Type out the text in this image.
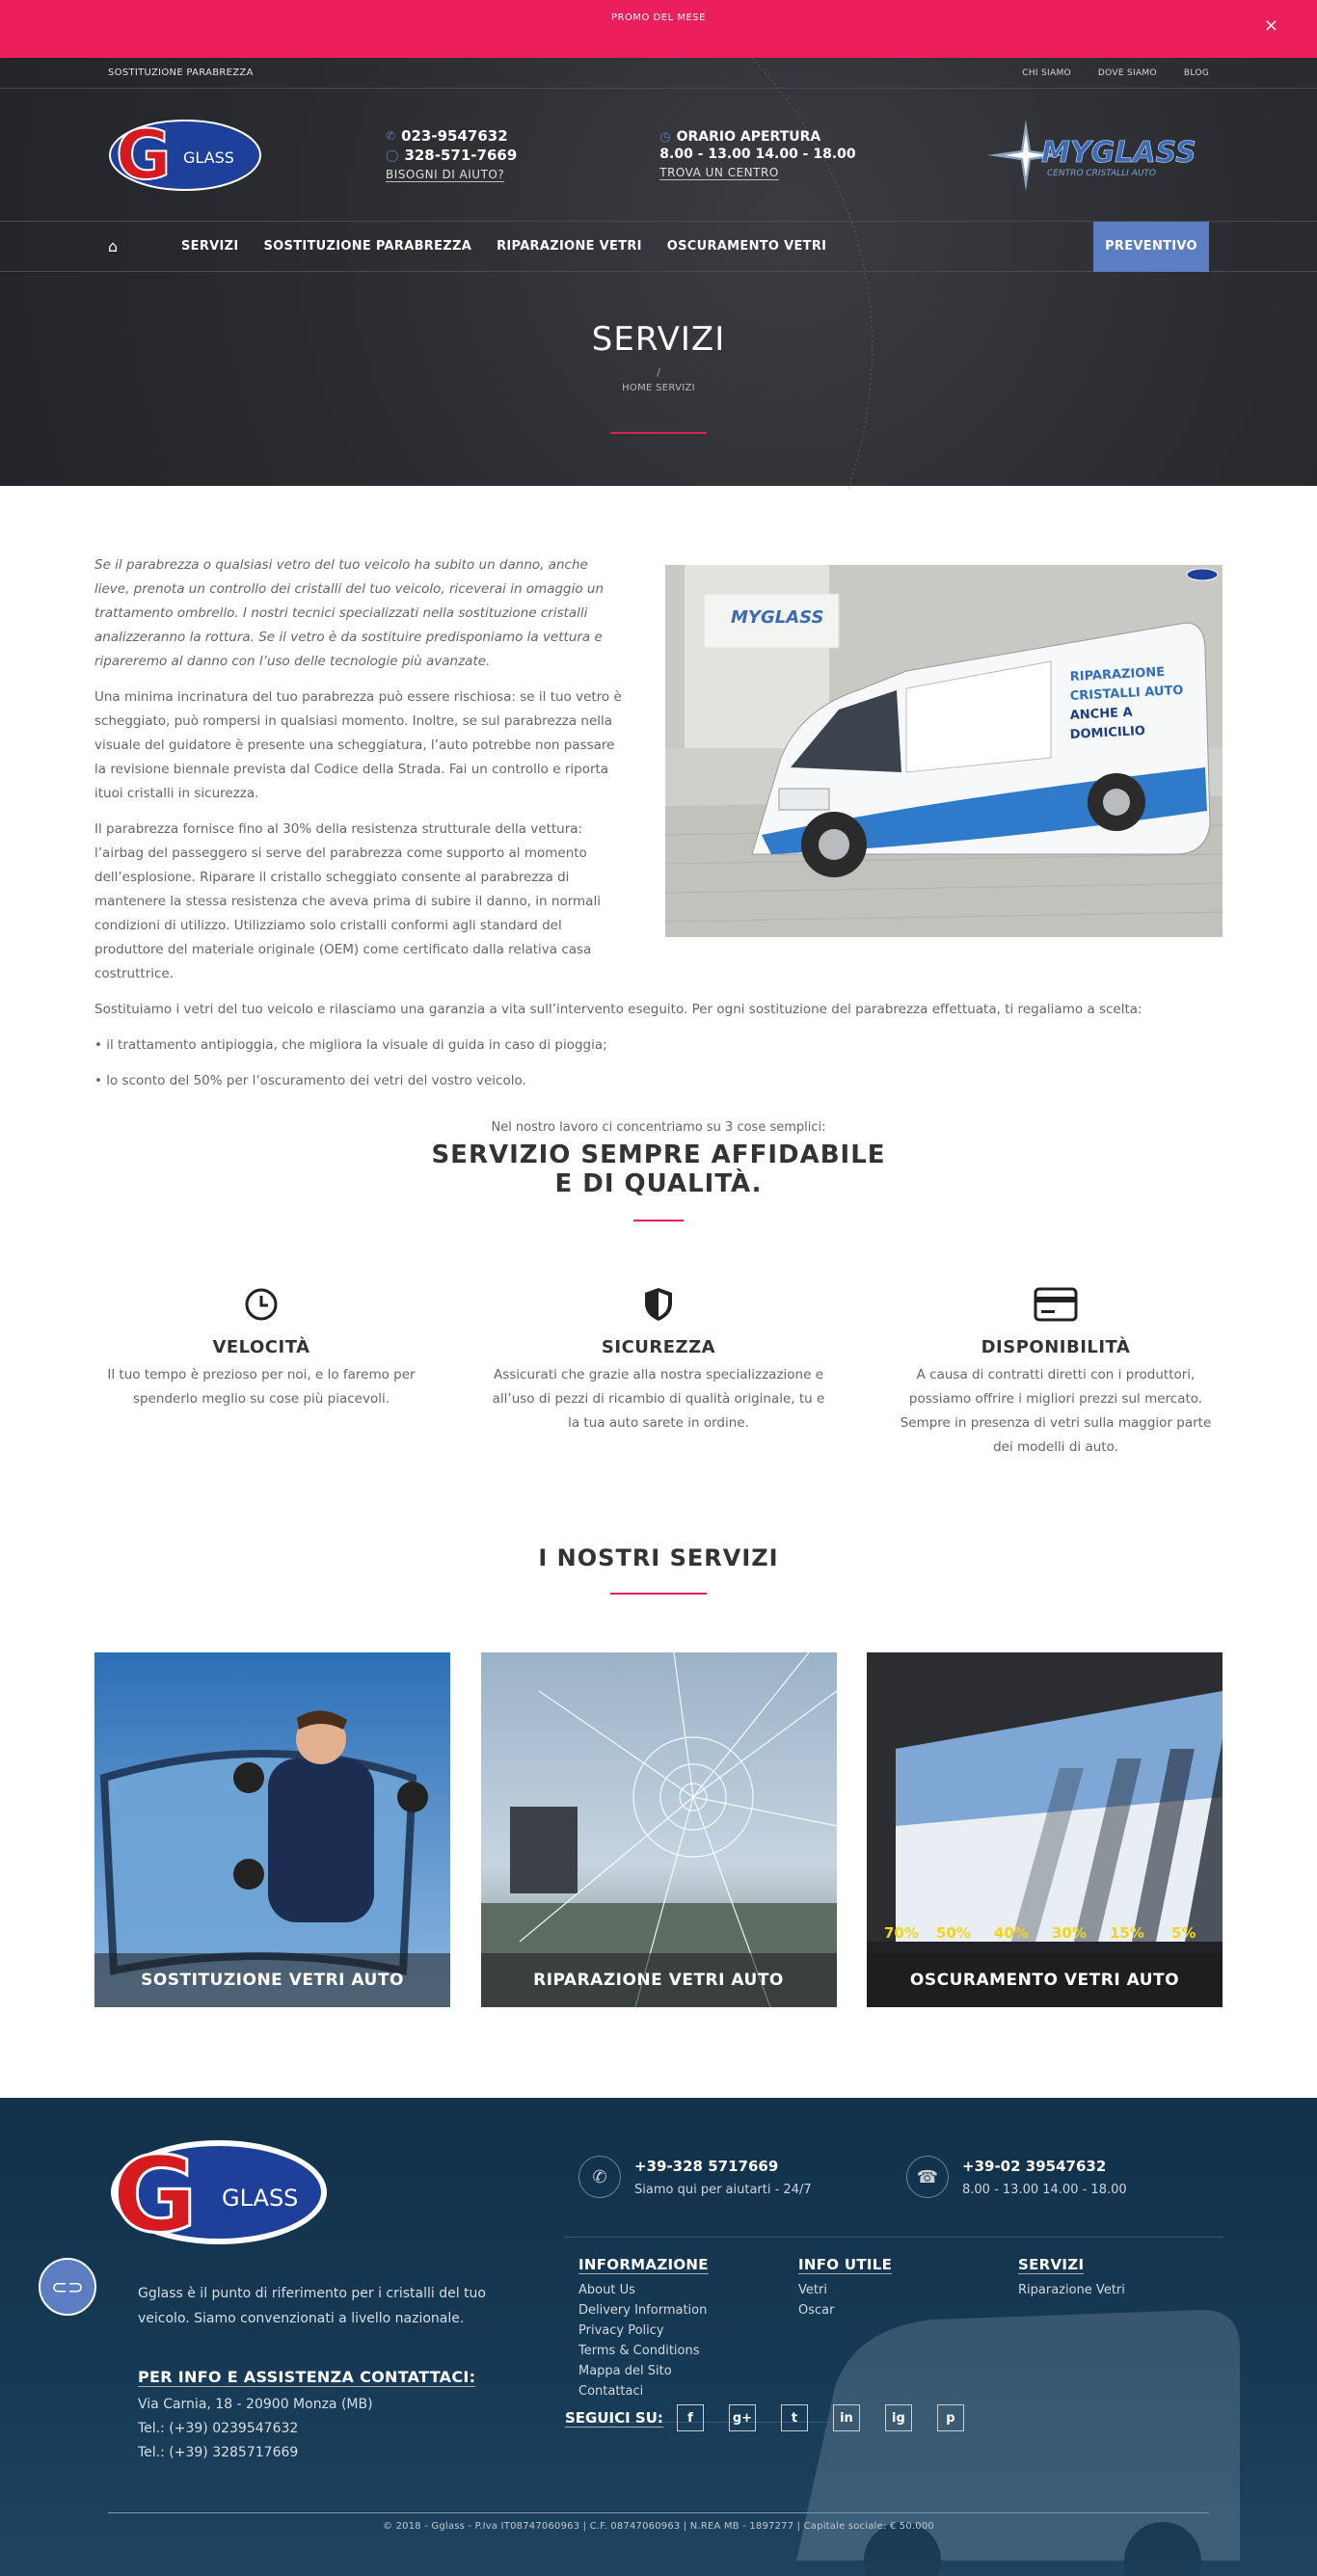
PROMO DEL MESE	×
SOSTITUZIONE PARABREZZA	CHI SIAMO	DOVE SIAMO	BLOG
G GLASS
✆ 023-9547632
◯ 328-571-7669
BISOGNI DI AIUTO?
◷ ORARIO APERTURA
8.00 - 13.00 14.00 - 18.00
TROVA UN CENTRO
MYGLASS
CENTRO CRISTALLI AUTO
⌂	SERVIZI SOSTITUZIONE PARABREZZA RIPARAZIONE VETRI OSCURAMENTO VETRI	PREVENTIVO
SERVIZI
/
HOME SERVIZI

Se il parabrezza o qualsiasi vetro del tuo veicolo ha subito un danno, anche lieve, prenota un controllo dei cristalli del tuo veicolo, riceverai in omaggio un trattamento ombrello. I nostri tecnici specializzati nella sostituzione cristalli analizzeranno la rottura. Se il vetro è da sostituire predisponiamo la vettura e ripareremo al danno con l’uso delle tecnologie più avanzate.

Una minima incrinatura del tuo parabrezza può essere rischiosa: se il tuo vetro è scheggiato, può rompersi in qualsiasi momento. Inoltre, se sul parabrezza nella visuale del guidatore è presente una scheggiatura, l’auto potrebbe non passare la revisione biennale prevista dal Codice della Strada. Fai un controllo e riporta ituoi cristalli in sicurezza.

Il parabrezza fornisce fino al 30% della resistenza strutturale della vettura: l’airbag del passeggero si serve del parabrezza come supporto al momento dell’esplosione. Riparare il cristallo scheggiato consente al parabrezza di mantenere la stessa resistenza che aveva prima di subire il danno, in normali condizioni di utilizzo. Utilizziamo solo cristalli conformi agli standard del produttore del materiale originale (OEM) come certificato dalla relativa casa costruttrice.

MYGLASS
RIPARAZIONE
CRISTALLI AUTO
ANCHE A
DOMICILIO

Sostituiamo i vetri del tuo veicolo e rilasciamo una garanzia a vita sull’intervento eseguito. Per ogni sostituzione del parabrezza effettuata, ti regaliamo a scelta:

• il trattamento antipioggia, che migliora la visuale di guida in caso di pioggia;

• lo sconto del 50% per l’oscuramento dei vetri del vostro veicolo.

Nel nostro lavoro ci concentriamo su 3 cose semplici:
SERVIZIO SEMPRE AFFIDABILE
E DI QUALITÀ.
VELOCITÀ

Il tuo tempo è prezioso per noi, e lo faremo per spenderlo meglio su cose più piacevoli.

SICUREZZA

Assicurati che grazie alla nostra specializzazione e all’uso di pezzi di ricambio di qualità originale, tu e la tua auto sarete in ordine.

DISPONIBILITÀ

A causa di contratti diretti con i produttori, possiamo offrire i migliori prezzi sul mercato. Sempre in presenza di vetri sulla maggior parte dei modelli di auto.

I NOSTRI SERVIZI
SOSTITUZIONE VETRI AUTO	RIPARAZIONE VETRI AUTO
70% 50% 40% 30% 15% 5%
OSCURAMENTO VETRI AUTO
G GLASS
Gglass è il punto di riferimento per i cristalli del tuo veicolo. Siamo convenzionati a livello nazionale.
PER INFO E ASSISTENZA CONTATTACI:
Via Carnia, 18 - 20900 Monza (MB)
Tel.: (+39) 0239547632
Tel.: (+39) 3285717669
✆
+39-328 5717669
Siamo qui per aiutarti - 24/7
☎
+39-02 39547632
8.00 - 13.00 14.00 - 18.00
INFORMAZIONE
About Us
Delivery Information
Privacy Policy
Terms & Conditions
Mappa del Sito
Contattaci
INFO UTILE
Vetri
Oscar
SERVIZI
Riparazione Vetri
SEGUICI SU:	f	g+	t	in	ig	p
© 2018 - Gglass - P.Iva IT08747060963 | C.F. 08747060963 | N.REA MB - 1897277 | Capitale sociale: € 50.000
⊂⊃
